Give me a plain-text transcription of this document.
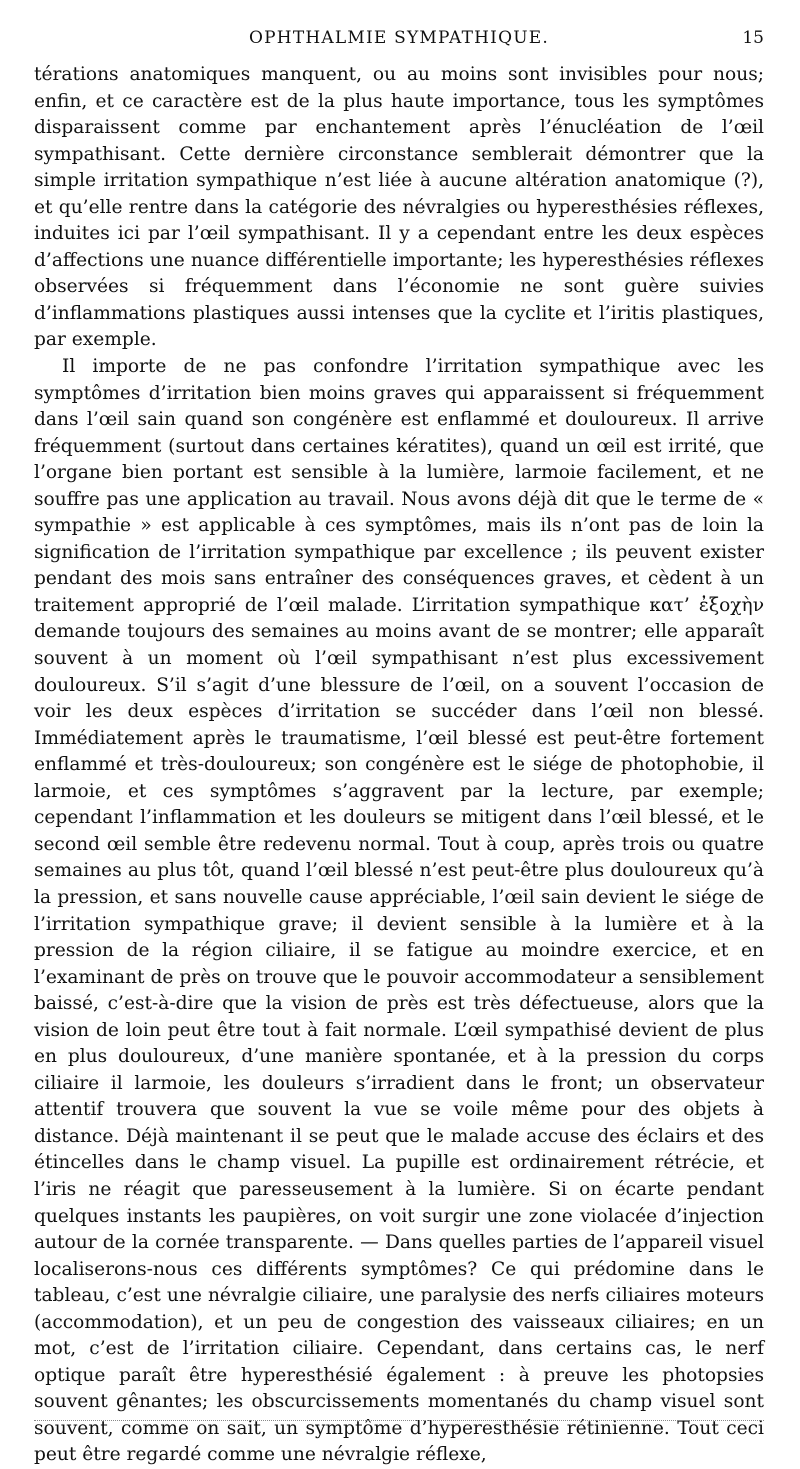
OPHTHALMIE SYMPATHIQUE.	15

térations anatomiques manquent, ou au moins sont invisibles pour nous; enfin, et ce caractère est de la plus haute importance, tous les symptômes disparaissent comme par enchantement après l’énucléation de l’œil sympathisant. Cette dernière circonstance semblerait démontrer que la simple irritation sympathique n’est liée à aucune altération anatomique (?), et qu’elle rentre dans la catégorie des névralgies ou hyperesthésies réflexes, induites ici par l’œil sympathisant. Il y a cependant entre les deux espèces d’affections une nuance différentielle importante; les hyperesthésies réflexes observées si fréquemment dans l’économie ne sont guère suivies d’inflammations plastiques aussi intenses que la cyclite et l’iritis plastiques, par exemple.

Il importe de ne pas confondre l’irritation sympathique avec les symptômes d’irritation bien moins graves qui apparaissent si fréquemment dans l’œil sain quand son congénère est enflammé et douloureux. Il arrive fréquemment (surtout dans certaines kératites), quand un œil est irrité, que l’organe bien portant est sensible à la lumière, larmoie facilement, et ne souffre pas une application au travail. Nous avons déjà dit que le terme de « sympathie » est applicable à ces symptômes, mais ils n’ont pas de loin la signification de l’irritation sympathique par excellence ; ils peuvent exister pendant des mois sans entraîner des conséquences graves, et cèdent à un traitement approprié de l’œil malade. L’irritation sympathique κατ’ ἐξοχὴν demande toujours des semaines au moins avant de se montrer; elle apparaît souvent à un moment où l’œil sympathisant n’est plus excessivement douloureux. S’il s’agit d’une blessure de l’œil, on a souvent l’occasion de voir les deux espèces d’irritation se succéder dans l’œil non blessé. Immédiatement après le traumatisme, l’œil blessé est peut-être fortement enflammé et très-douloureux; son congénère est le siége de photophobie, il larmoie, et ces symptômes s’aggravent par la lecture, par exemple; cependant l’inflammation et les douleurs se mitigent dans l’œil blessé, et le second œil semble être redevenu normal. Tout à coup, après trois ou quatre semaines au plus tôt, quand l’œil blessé n’est peut-être plus douloureux qu’à la pression, et sans nouvelle cause appréciable, l’œil sain devient le siége de l’irritation sympathique grave; il devient sensible à la lumière et à la pression de la région ciliaire, il se fatigue au moindre exercice, et en l’examinant de près on trouve que le pouvoir accommodateur a sensiblement baissé, c’est-à-dire que la vision de près est très défectueuse, alors que la vision de loin peut être tout à fait normale. L’œil sympathisé devient de plus en plus douloureux, d’une manière spontanée, et à la pression du corps ciliaire il larmoie, les douleurs s’irradient dans le front; un observateur attentif trouvera que souvent la vue se voile même pour des objets à distance. Déjà maintenant il se peut que le malade accuse des éclairs et des étincelles dans le champ visuel. La pupille est ordinairement rétrécie, et l’iris ne réagit que paresseusement à la lumière. Si on écarte pendant quelques instants les paupières, on voit surgir une zone violacée d’injection autour de la cornée transparente. — Dans quelles parties de l’appareil visuel localiserons-nous ces différents symptômes? Ce qui prédomine dans le tableau, c’est une névralgie ciliaire, une paralysie des nerfs ciliaires moteurs (accommodation), et un peu de congestion des vaisseaux ciliaires; en un mot, c’est de l’irritation ciliaire. Cependant, dans certains cas, le nerf optique paraît être hyperesthésié également : à preuve les photopsies souvent gênantes; les obscurcissements momentanés du champ visuel sont souvent, comme on sait, un symptôme d’hyperesthésie rétinienne. Tout ceci peut être regardé comme une névralgie réflexe,
